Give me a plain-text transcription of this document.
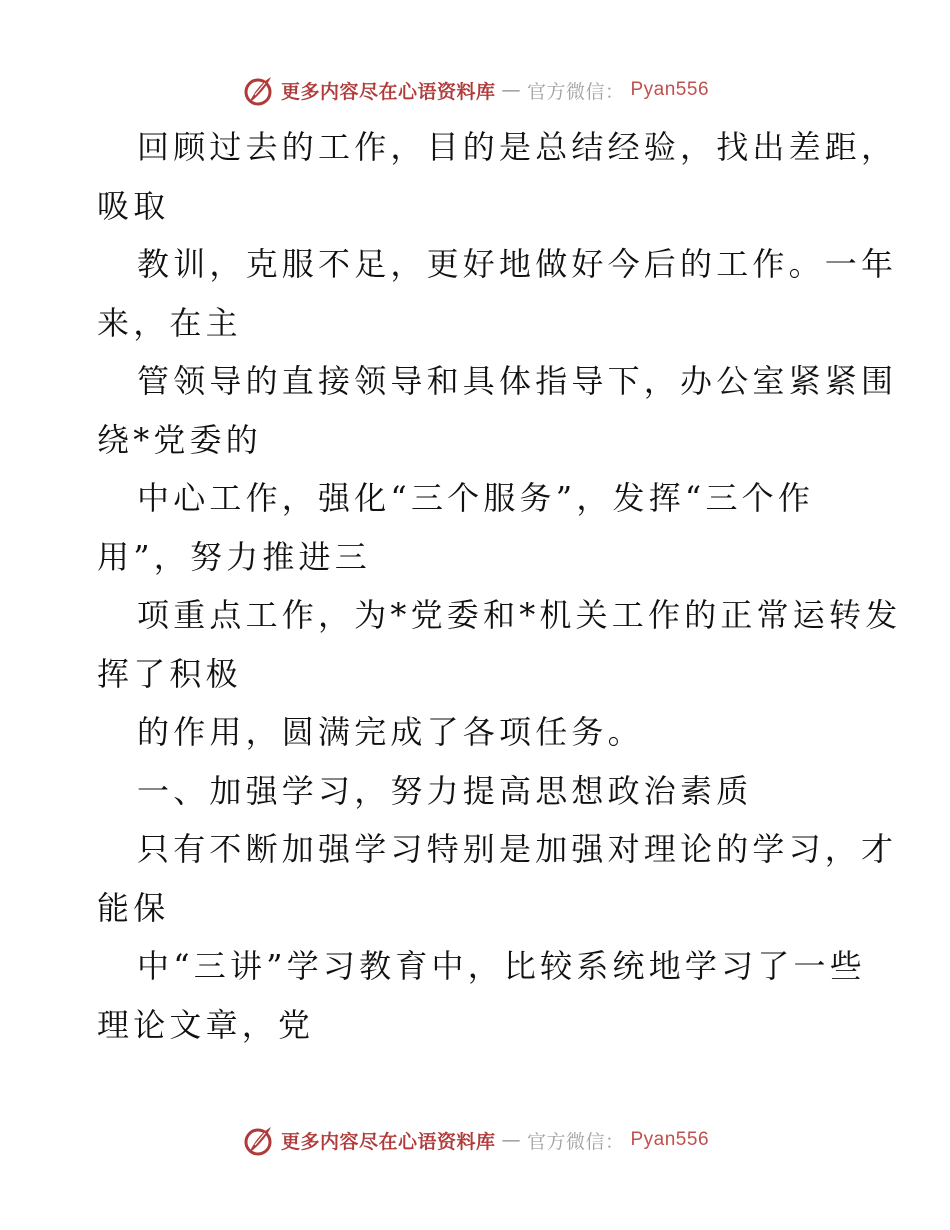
更多内容尽在心语资料库 — 官方微信： Pyan556
回顾过去的工作，目的是总结经验，找出差距，
吸取
教训，克服不足，更好地做好今后的工作。一年
来，在主
管领导的直接领导和具体指导下，办公室紧紧围
绕*党委的
中心工作，强化“三个服务”，发挥“三个作
用”，努力推进三
项重点工作，为*党委和*机关工作的正常运转发
挥了积极
的作用，圆满完成了各项任务。
一、加强学习，努力提高思想政治素质
只有不断加强学习特别是加强对理论的学习，才
能保
中“三讲”学习教育中，比较系统地学习了一些
理论文章，党
更多内容尽在心语资料库 — 官方微信： Pyan556
